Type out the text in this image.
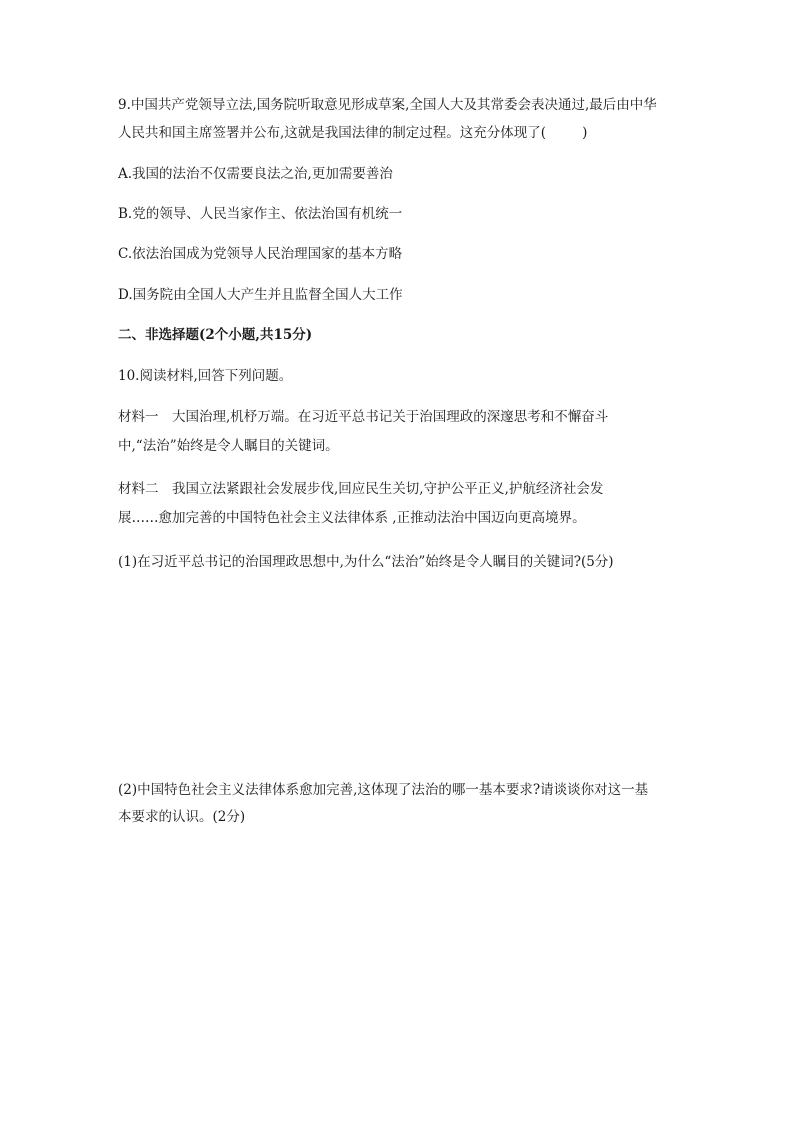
9.中国共产党领导立法,国务院听取意见形成草案,全国人大及其常委会表决通过,最后由中华
人民共和国主席签署并公布,这就是我国法律的制定过程。这充分体现了(	)
A.我国的法治不仅需要良法之治,更加需要善治
B.党的领导、人民当家作主、依法治国有机统一
C.依法治国成为党领导人民治理国家的基本方略
D.国务院由全国人大产生并且监督全国人大工作
二、非选择题(2个小题,共15分)
10.阅读材料,回答下列问题。
材料一　大国治理,机杼万端。在习近平总书记关于治国理政的深邃思考和不懈奋斗
中,“法治”始终是令人瞩目的关键词。
材料二　我国立法紧跟社会发展步伐,回应民生关切,守护公平正义,护航经济社会发
展……愈加完善的中国特色社会主义法律体系 ,正推动法治中国迈向更高境界。
(1)在习近平总书记的治国理政思想中,为什么“法治”始终是令人瞩目的关键词?(5分)
(2)中国特色社会主义法律体系愈加完善,这体现了法治的哪一基本要求?请谈谈你对这一基
本要求的认识。(2分)
